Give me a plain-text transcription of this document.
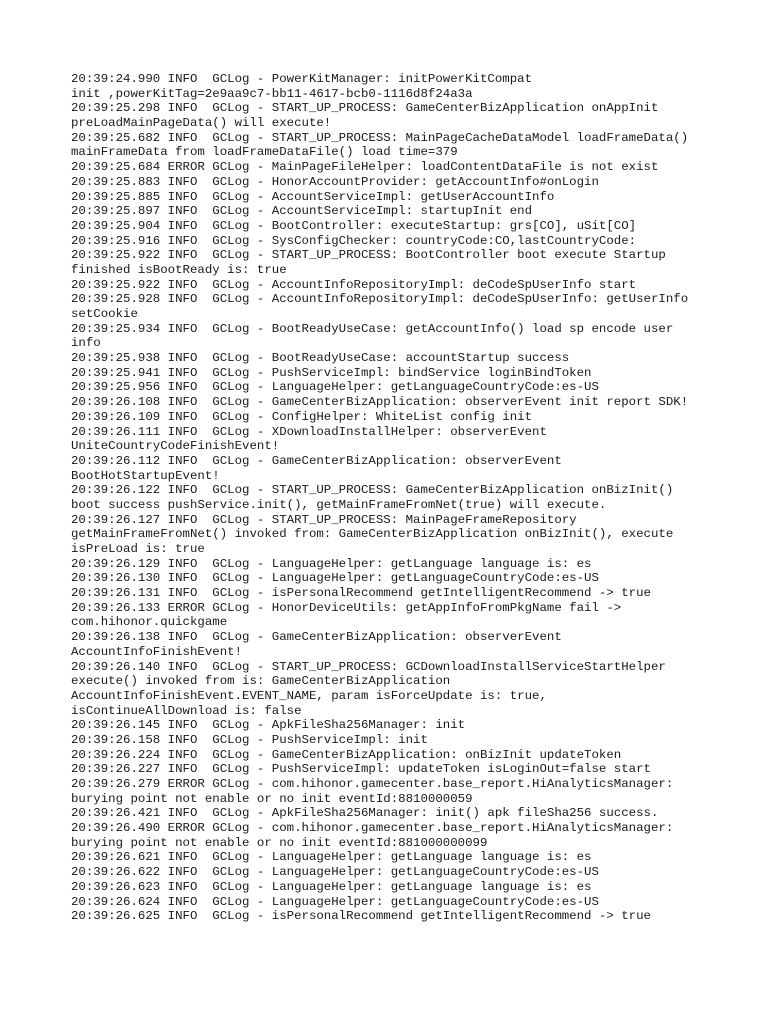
20:39:24.990 INFO  GCLog - PowerKitManager: initPowerKitCompat
init ,powerKitTag=2e9aa9c7-bb11-4617-bcb0-1116d8f24a3a
20:39:25.298 INFO  GCLog - START_UP_PROCESS: GameCenterBizApplication onAppInit
preLoadMainPageData() will execute!
20:39:25.682 INFO  GCLog - START_UP_PROCESS: MainPageCacheDataModel loadFrameData()
mainFrameData from loadFrameDataFile() load time=379
20:39:25.684 ERROR GCLog - MainPageFileHelper: loadContentDataFile is not exist
20:39:25.883 INFO  GCLog - HonorAccountProvider: getAccountInfo#onLogin
20:39:25.885 INFO  GCLog - AccountServiceImpl: getUserAccountInfo
20:39:25.897 INFO  GCLog - AccountServiceImpl: startupInit end
20:39:25.904 INFO  GCLog - BootController: executeStartup: grs[CO], uSit[CO]
20:39:25.916 INFO  GCLog - SysConfigChecker: countryCode:CO,lastCountryCode:
20:39:25.922 INFO  GCLog - START_UP_PROCESS: BootController boot execute Startup
finished isBootReady is: true
20:39:25.922 INFO  GCLog - AccountInfoRepositoryImpl: deCodeSpUserInfo start
20:39:25.928 INFO  GCLog - AccountInfoRepositoryImpl: deCodeSpUserInfo: getUserInfo
setCookie
20:39:25.934 INFO  GCLog - BootReadyUseCase: getAccountInfo() load sp encode user
info
20:39:25.938 INFO  GCLog - BootReadyUseCase: accountStartup success
20:39:25.941 INFO  GCLog - PushServiceImpl: bindService loginBindToken
20:39:25.956 INFO  GCLog - LanguageHelper: getLanguageCountryCode:es-US
20:39:26.108 INFO  GCLog - GameCenterBizApplication: observerEvent init report SDK!
20:39:26.109 INFO  GCLog - ConfigHelper: WhiteList config init
20:39:26.111 INFO  GCLog - XDownloadInstallHelper: observerEvent
UniteCountryCodeFinishEvent!
20:39:26.112 INFO  GCLog - GameCenterBizApplication: observerEvent
BootHotStartupEvent!
20:39:26.122 INFO  GCLog - START_UP_PROCESS: GameCenterBizApplication onBizInit()
boot success pushService.init(), getMainFrameFromNet(true) will execute.
20:39:26.127 INFO  GCLog - START_UP_PROCESS: MainPageFrameRepository
getMainFrameFromNet() invoked from: GameCenterBizApplication onBizInit(), execute
isPreLoad is: true
20:39:26.129 INFO  GCLog - LanguageHelper: getLanguage language is: es
20:39:26.130 INFO  GCLog - LanguageHelper: getLanguageCountryCode:es-US
20:39:26.131 INFO  GCLog - isPersonalRecommend getIntelligentRecommend -> true
20:39:26.133 ERROR GCLog - HonorDeviceUtils: getAppInfoFromPkgName fail ->
com.hihonor.quickgame
20:39:26.138 INFO  GCLog - GameCenterBizApplication: observerEvent
AccountInfoFinishEvent!
20:39:26.140 INFO  GCLog - START_UP_PROCESS: GCDownloadInstallServiceStartHelper
execute() invoked from is: GameCenterBizApplication
AccountInfoFinishEvent.EVENT_NAME, param isForceUpdate is: true,
isContinueAllDownload is: false
20:39:26.145 INFO  GCLog - ApkFileSha256Manager: init
20:39:26.158 INFO  GCLog - PushServiceImpl: init
20:39:26.224 INFO  GCLog - GameCenterBizApplication: onBizInit updateToken
20:39:26.227 INFO  GCLog - PushServiceImpl: updateToken isLoginOut=false start
20:39:26.279 ERROR GCLog - com.hihonor.gamecenter.base_report.HiAnalyticsManager:
burying point not enable or no init eventId:8810000059
20:39:26.421 INFO  GCLog - ApkFileSha256Manager: init() apk fileSha256 success.
20:39:26.490 ERROR GCLog - com.hihonor.gamecenter.base_report.HiAnalyticsManager:
burying point not enable or no init eventId:881000000099
20:39:26.621 INFO  GCLog - LanguageHelper: getLanguage language is: es
20:39:26.622 INFO  GCLog - LanguageHelper: getLanguageCountryCode:es-US
20:39:26.623 INFO  GCLog - LanguageHelper: getLanguage language is: es
20:39:26.624 INFO  GCLog - LanguageHelper: getLanguageCountryCode:es-US
20:39:26.625 INFO  GCLog - isPersonalRecommend getIntelligentRecommend -> true
